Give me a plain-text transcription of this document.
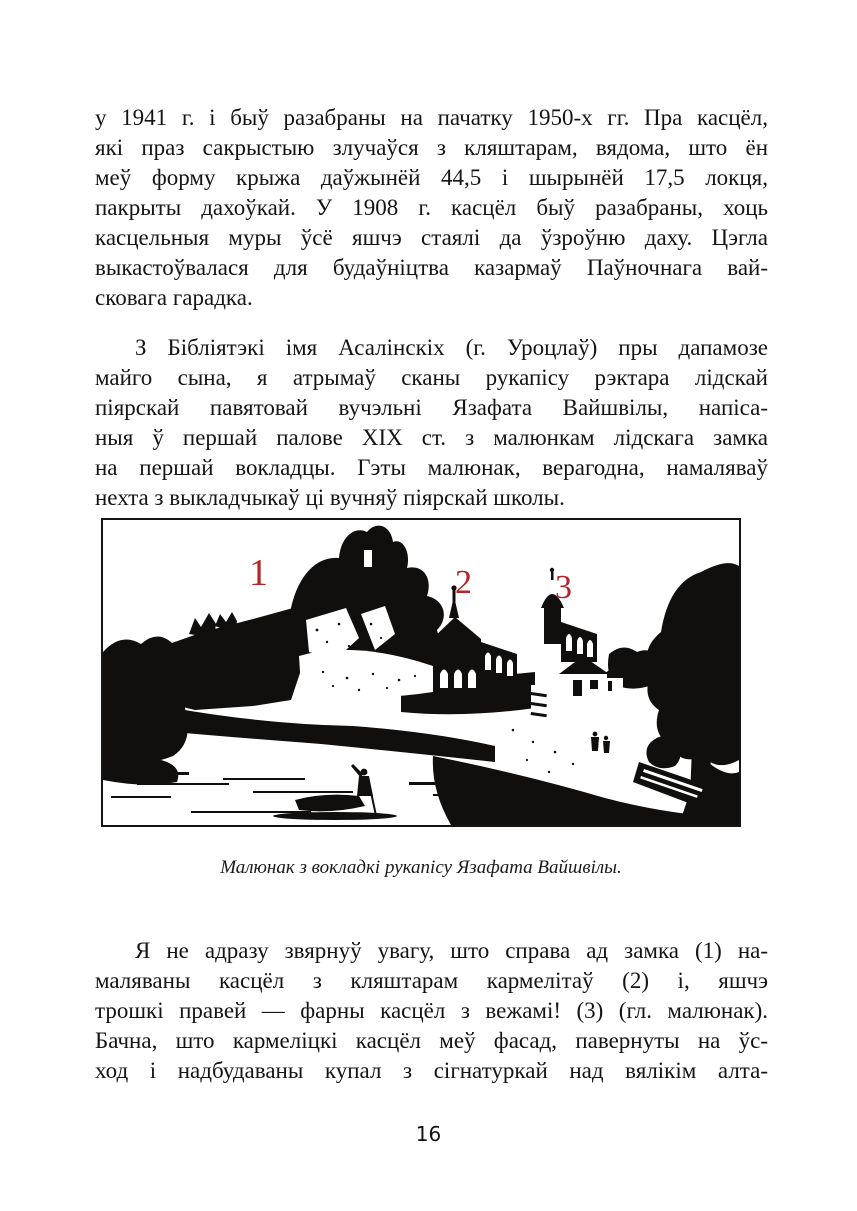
у 1941 г. і быў разабраны на пачатку 1950-х гг. Пра касцёл,
які праз сакрыстыю злучаўся з кляштарам, вядома, што ён
меў форму крыжа даўжынёй 44,5 і шырынёй 17,5 локця,
пакрыты дахоўкай. У 1908 г. касцёл быў разабраны, хоць
касцельныя муры ўсё яшчэ стаялі да ўзроўню даху. Цэгла
выкастоўвалася для будаўніцтва казармаў Паўночнага вай-
сковага гарадка.
З Бібліятэкі імя Асалінскіх (г. Уроцлаў) пры дапамозе
майго сына, я атрымаў сканы рукапісу рэктара лідскай
піярскай павятовай вучэльні Язафата Вайшвілы, напіса-
ныя ў першай палове XIX ст. з малюнкам лідскага замка
на першай вокладцы. Гэты малюнак, верагодна, намаляваў
нехта з выкладчыкаў ці вучняў піярскай школы.
1	2 3
Малюнак з вокладкі рукапісу Язафата Вайшвілы.
Я не адразу звярнуў увагу, што справа ад замка (1) на-
маляваны касцёл з кляштарам кармелітаў (2) і, яшчэ
трошкі правей — фарны касцёл з вежамі! (3) (гл. малюнак).
Бачна, што кармеліцкі касцёл меў фасад, павернуты на ўс-
ход і надбудаваны купал з сігнатуркай над вялікім алта-
16
